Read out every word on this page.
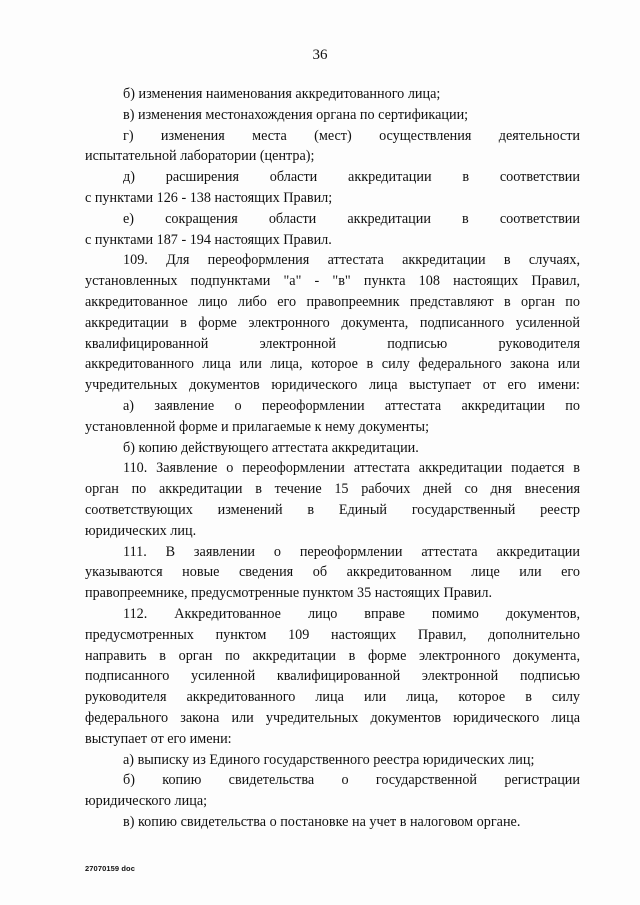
36
б) изменения наименования аккредитованного лица;
в) изменения местонахождения органа по сертификации;
г) изменения места (мест) осуществления деятельности
испытательной лаборатории (центра);
д) расширения области аккредитации в соответствии
с пунктами 126 - 138 настоящих Правил;
е) сокращения области аккредитации в соответствии
с пунктами 187 - 194 настоящих Правил.
109. Для переоформления аттестата аккредитации в случаях,
установленных подпунктами "а" - "в" пункта 108 настоящих Правил,
аккредитованное лицо либо его правопреемник представляют в орган по
аккредитации в форме электронного документа, подписанного усиленной
квалифицированной электронной подписью руководителя
аккредитованного лица или лица, которое в силу федерального закона или
учредительных документов юридического лица выступает от его имени:
а) заявление о переоформлении аттестата аккредитации по
установленной форме и прилагаемые к нему документы;
б) копию действующего аттестата аккредитации.
110. Заявление о переоформлении аттестата аккредитации подается в
орган по аккредитации в течение 15 рабочих дней со дня внесения
соответствующих изменений в Единый государственный реестр
юридических лиц.
111. В заявлении о переоформлении аттестата аккредитации
указываются новые сведения об аккредитованном лице или его
правопреемнике, предусмотренные пунктом 35 настоящих Правил.
112. Аккредитованное лицо вправе помимо документов,
предусмотренных пунктом 109 настоящих Правил, дополнительно
направить в орган по аккредитации в форме электронного документа,
подписанного усиленной квалифицированной электронной подписью
руководителя аккредитованного лица или лица, которое в силу
федерального закона или учредительных документов юридического лица
выступает от его имени:
а) выписку из Единого государственного реестра юридических лиц;
б) копию свидетельства о государственной регистрации
юридического лица;
в) копию свидетельства о постановке на учет в налоговом органе.
27070159 doc
